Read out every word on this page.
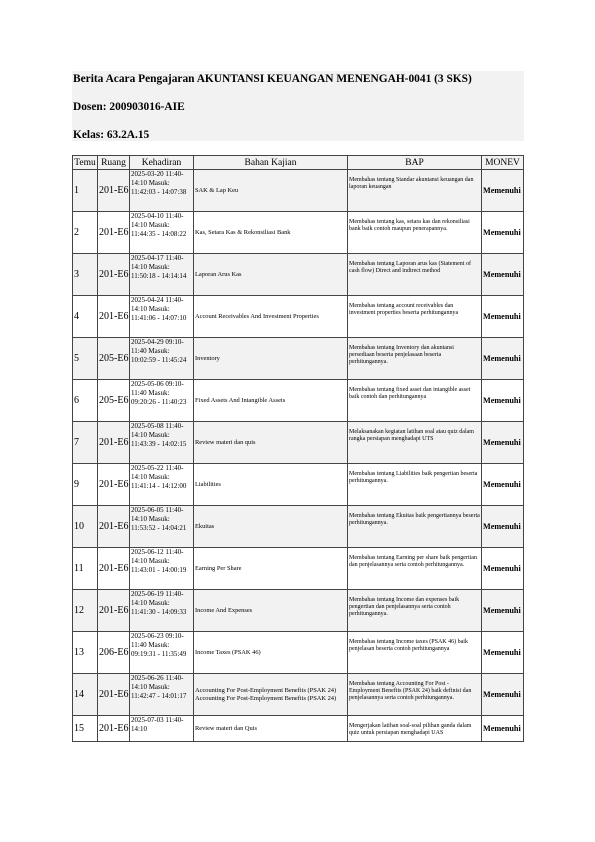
Berita Acara Pengajaran AKUNTANSI KEUANGAN MENENGAH-0041 (3 SKS)
Dosen: 200903016-AIE
Kelas: 63.2A.15
Temu	Ruang	Kehadiran	Bahan Kajian	BAP	MONEV
1	201-E6	2025-03-20 11:40-14:10 Masuk: 11:42:03 - 14:07:38	SAK & Lap Keu	Membahas tentang Standar akuntansi keuangan dan laporan keuangan	Memenuhi
2	201-E6	2025-04-10 11:40-14:10 Masuk: 11:44:35 - 14:08:22	Kas, Setara Kas & Rekonsiliasi Bank	Membahas tentang kas, setara kas dan rekonsiliasi bank baik contoh maupun penerapannya.	Memenuhi
3	201-E6	2025-04-17 11:40-14:10 Masuk: 11:50:18 - 14:14:14	Laporan Arus Kas	Membahas tentang Laporan arus kas (Statement of cash flow) Direct and indirect method	Memenuhi
4	201-E6	2025-04-24 11:40-14:10 Masuk: 11:41:06 - 14:07:10	Account Receivables And Investment Properties	Membahas tentang account receivables dan investment properties beserta perhitungannya	Memenuhi
5	205-E6	2025-04-29 09:10-11:40 Masuk: 10:02:59 - 11:45:24	Inventory	Membahas tentang Inventory dan akuntansi persediaan beserta penjelasaan beserta perhitungannya.	Memenuhi
6	205-E6	2025-05-06 09:10-11:40 Masuk: 09:20:26 - 11:40:23	Fixed Assets And Intangible Assets	Membahas tentang fixed asset dan intangible asset baik contoh dan perhitungannya	Memenuhi
7	201-E6	2025-05-08 11:40-14:10 Masuk: 11:43:39 - 14:02:15	Review materi dan quis	Melaksanakan kegiatan latihan soal atau quiz dalam rangka persiapan menghadapi UTS	Memenuhi
9	201-E6	2025-05-22 11:40-14:10 Masuk: 11:41:14 - 14:12:00	Liabilities	Membahas tentang Liabilities baik pengertian beserta perhitungannya.	Memenuhi
10	201-E6	2025-06-05 11:40-14:10 Masuk: 11:53:52 - 14:04:21	Ekuitas	Membahas tentang Ekuitas baik pengertiannya beserta perhitungannya.	Memenuhi
11	201-E6	2025-06-12 11:40-14:10 Masuk: 11:43:01 - 14:00:19	Earning Per Share	Membahas tentang Earning per share baik pengertian dan penjelasannya serta contoh perhitungannya.	Memenuhi
12	201-E6	2025-06-19 11:40-14:10 Masuk: 11:41:30 - 14:09:33	Income And Expenses	Membahas tentang Income dan expenses baik pengertian dan penjelasannya serta contoh perhitungannya.	Memenuhi
13	206-E6	2025-06-23 09:10-11:40 Masuk: 09:19:31 - 11:35:49	Income Taxes (PSAK 46)	Membahas tentang Income taxes (PSAK 46) baik penjelasan beserta contoh perhitungannya	Memenuhi
14	201-E6	2025-06-26 11:40-14:10 Masuk: 11:42:47 - 14:01:17	Accounting For Post-Employment Benefits (PSAK 24) Accounting For Post-Employment Benefits (PSAK 24)	Membahas tentang Accounting For Post - Employment Benefits (PSAK 24) baik definisi dan penjelasannya serta contoh perhitungannya.	Memenuhi
15	201-E6	2025-07-03 11:40-14:10	Review materi dan Quis	Mengerjakan latihan soal-soal pilihan ganda dalam quiz untuk persiapan menghadapi UAS	Memenuhi
